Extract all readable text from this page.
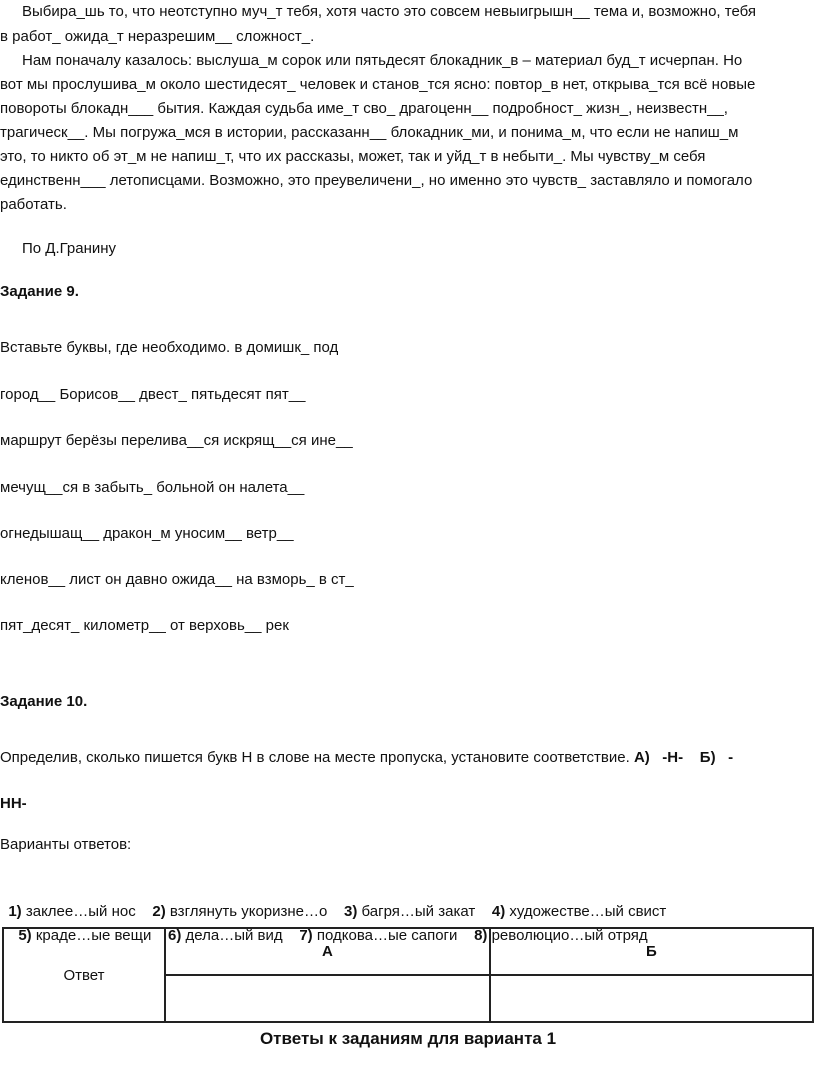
Выбира_шь то, что неотступно муч_т тебя, хотя часто это совсем невыигрышн__ тема и, возможно, тебя
в работ_ ожида_т неразрешим__ сложност_.
Нам поначалу казалось: выслуша_м сорок или пятьдесят блокадник_в – материал буд_т исчерпан. Но
вот мы прослушива_м около шестидесят_ человек и станов_тся ясно: повтор_в нет, открыва_тся всё новые
повороты блокадн___ бытия. Каждая судьба име_т сво_ драгоценн__ подробност_ жизн_, неизвестн__,
трагическ__. Мы погружа_мся в истории, рассказанн__ блокадник_ми, и понима_м, что если не напиш_м
это, то никто об эт_м не напиш_т, что их рассказы, может, так и уйд_т в небыти_. Мы чувству_м себя
единственн___ летописцами. Возможно, это преувеличени_, но именно это чувств_ заставляло и помогало
работать.
По Д.Гранину
Задание 9.
Вставьте буквы, где необходимо. в домишк_ под
город__ Борисов__ двест_ пятьдесят пят__
маршрут берёзы перелива__ся искрящ__ся ине__
мечущ__ся в забыть_ больной он налета__
огнедышащ__ дракон_м уносим__ ветр__
кленов__ лист он давно ожида__ на взморь_ в ст_
пят_десят_ километр__ от верховь__ рек
Задание 10.
Определив, сколько пишется букв Н в слове на месте пропуска, установите соответствие. А)   -Н-    Б)   -
НН-
Варианты ответов:

1) заклее…ый нос    2) взглянуть укоризне…о    3) багря…ый закат    4) художестве…ый свист

5) краде…ые вещи    6) дела…ый вид    7) подкова…ые сапоги    8) революцио…ый отряд

Ответ	А	Б

Ответы к заданиям для варианта 1
